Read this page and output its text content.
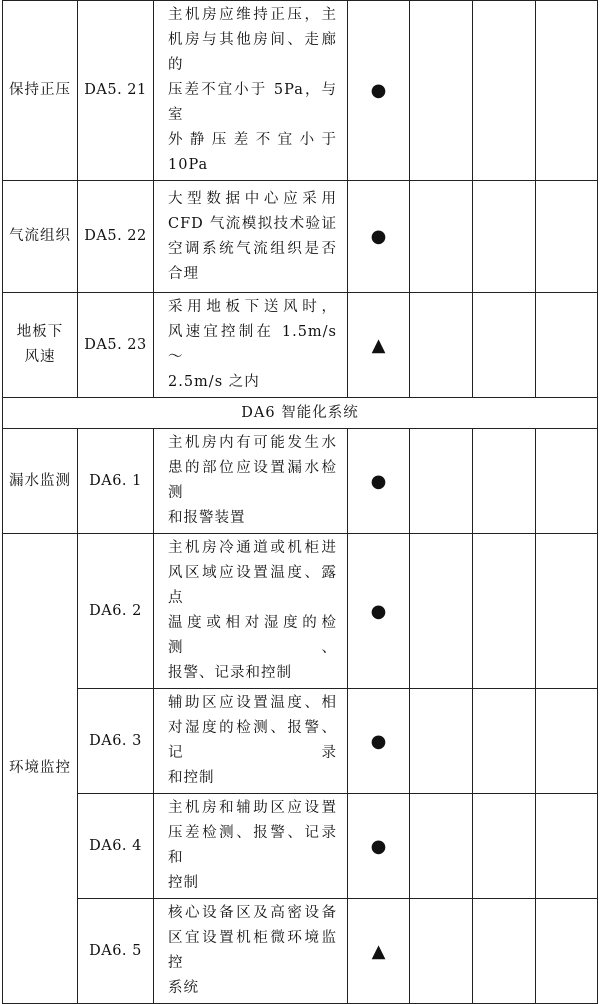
保持正压	DA5. 21	主机房应维持正压，主
机房与其他房间、走廊的
压差不宜小于 5Pa，与室
外静压差不宜小于 10Pa	●			
气流组织	DA5. 22	大型数据中心应采用
CFD 气流模拟技术验证
空调系统气流组织是否
合理	●			

地板下
风速	DA5. 23	采用地板下送风时，
风速宜控制在 1.5m/s ～
2.5m/s 之内	▲			
DA6 智能化系统						
漏水监测	DA6. 1	主机房内有可能发生水
患的部位应设置漏水检测
和报警装置	●			
环境监控	DA6. 2	主机房冷通道或机柜进
风区域应设置温度、露点
温度或相对湿度的检测、
报警、记录和控制	●			
	DA6. 3	辅助区应设置温度、相
对湿度的检测、报警、记录
和控制	●			
	DA6. 4	主机房和辅助区应设置
压差检测、报警、记录和
控制	●			
	DA6. 5	核心设备区及高密设备
区宜设置机柜微环境监控
系统	▲			
